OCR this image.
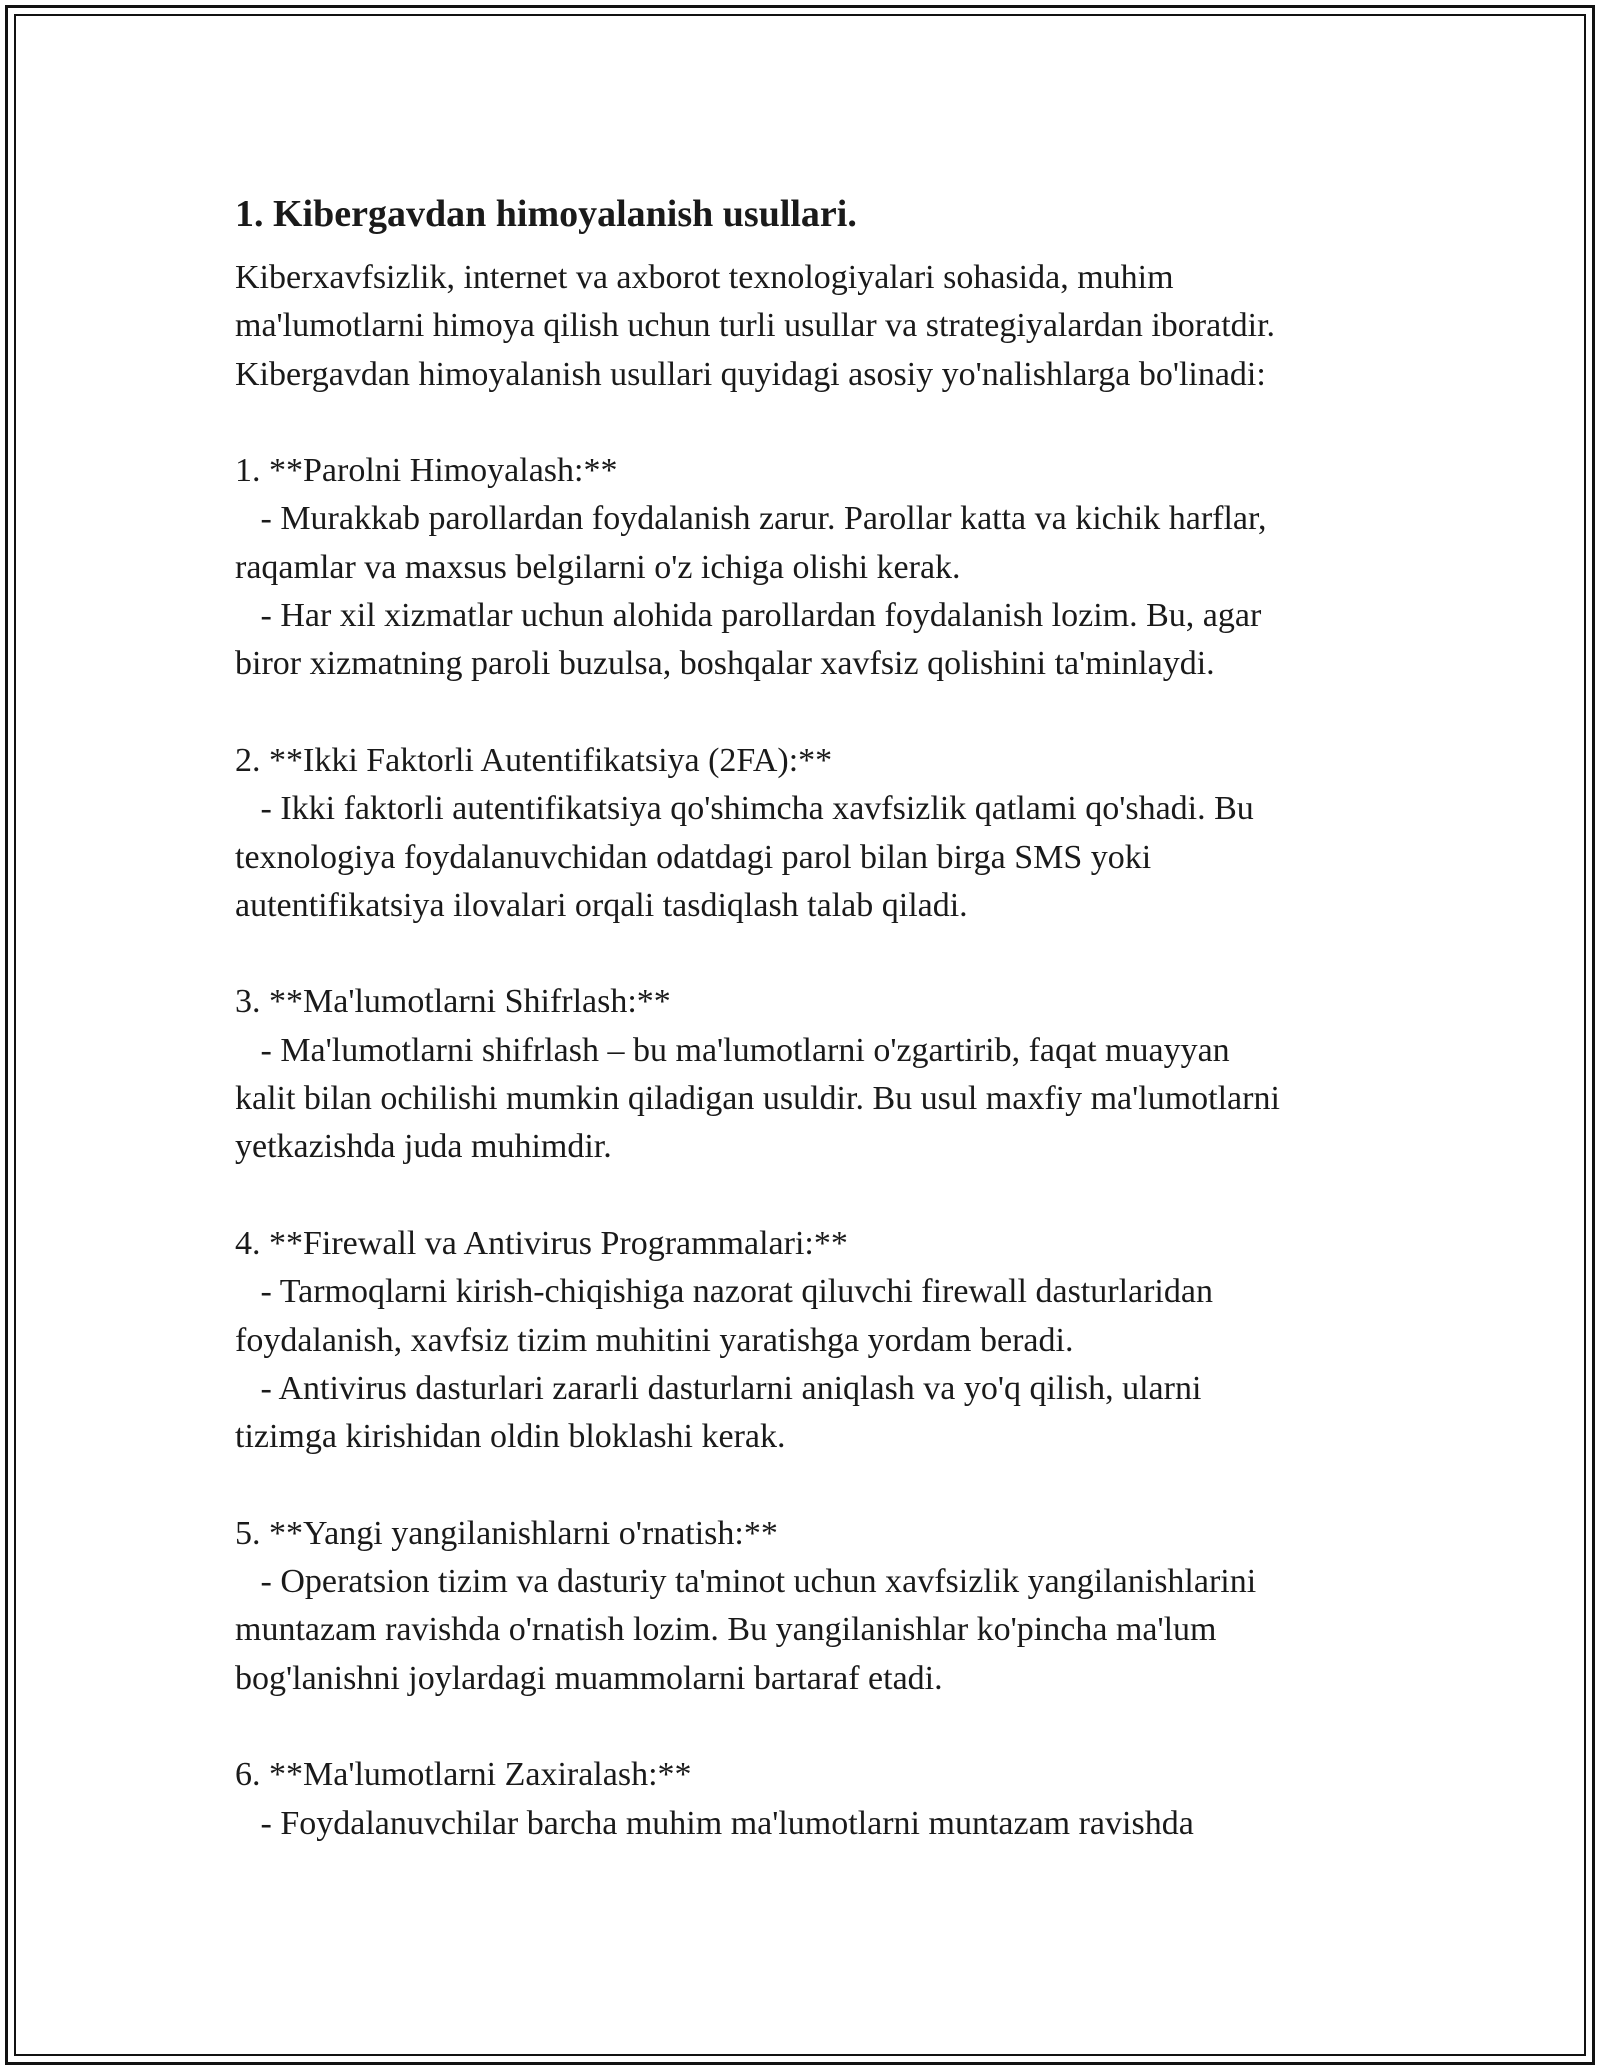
1. Kibergavdan himoyalanish usullari.

Kiberxavfsizlik, internet va axborot texnologiyalari sohasida, muhim
ma'lumotlarni himoya qilish uchun turli usullar va strategiyalardan iboratdir.
Kibergavdan himoyalanish usullari quyidagi asosiy yo'nalishlarga bo'linadi:

1. **Parolni Himoyalash:**

- Murakkab parollardan foydalanish zarur. Parollar katta va kichik harflar,
raqamlar va maxsus belgilarni o'z ichiga olishi kerak.
- Har xil xizmatlar uchun alohida parollardan foydalanish lozim. Bu, agar
biror xizmatning paroli buzulsa, boshqalar xavfsiz qolishini ta'minlaydi.

2. **Ikki Faktorli Autentifikatsiya (2FA):**

- Ikki faktorli autentifikatsiya qo'shimcha xavfsizlik qatlami qo'shadi. Bu
texnologiya foydalanuvchidan odatdagi parol bilan birga SMS yoki
autentifikatsiya ilovalari orqali tasdiqlash talab qiladi.

3. **Ma'lumotlarni Shifrlash:**

- Ma'lumotlarni shifrlash – bu ma'lumotlarni o'zgartirib, faqat muayyan
kalit bilan ochilishi mumkin qiladigan usuldir. Bu usul maxfiy ma'lumotlarni
yetkazishda juda muhimdir.

4. **Firewall va Antivirus Programmalari:**

- Tarmoqlarni kirish-chiqishiga nazorat qiluvchi firewall dasturlaridan
foydalanish, xavfsiz tizim muhitini yaratishga yordam beradi.
- Antivirus dasturlari zararli dasturlarni aniqlash va yo'q qilish, ularni
tizimga kirishidan oldin bloklashi kerak.

5. **Yangi yangilanishlarni o'rnatish:**

- Operatsion tizim va dasturiy ta'minot uchun xavfsizlik yangilanishlarini
muntazam ravishda o'rnatish lozim. Bu yangilanishlar ko'pincha ma'lum
bog'lanishni joylardagi muammolarni bartaraf etadi.

6. **Ma'lumotlarni Zaxiralash:**

- Foydalanuvchilar barcha muhim ma'lumotlarni muntazam ravishda
